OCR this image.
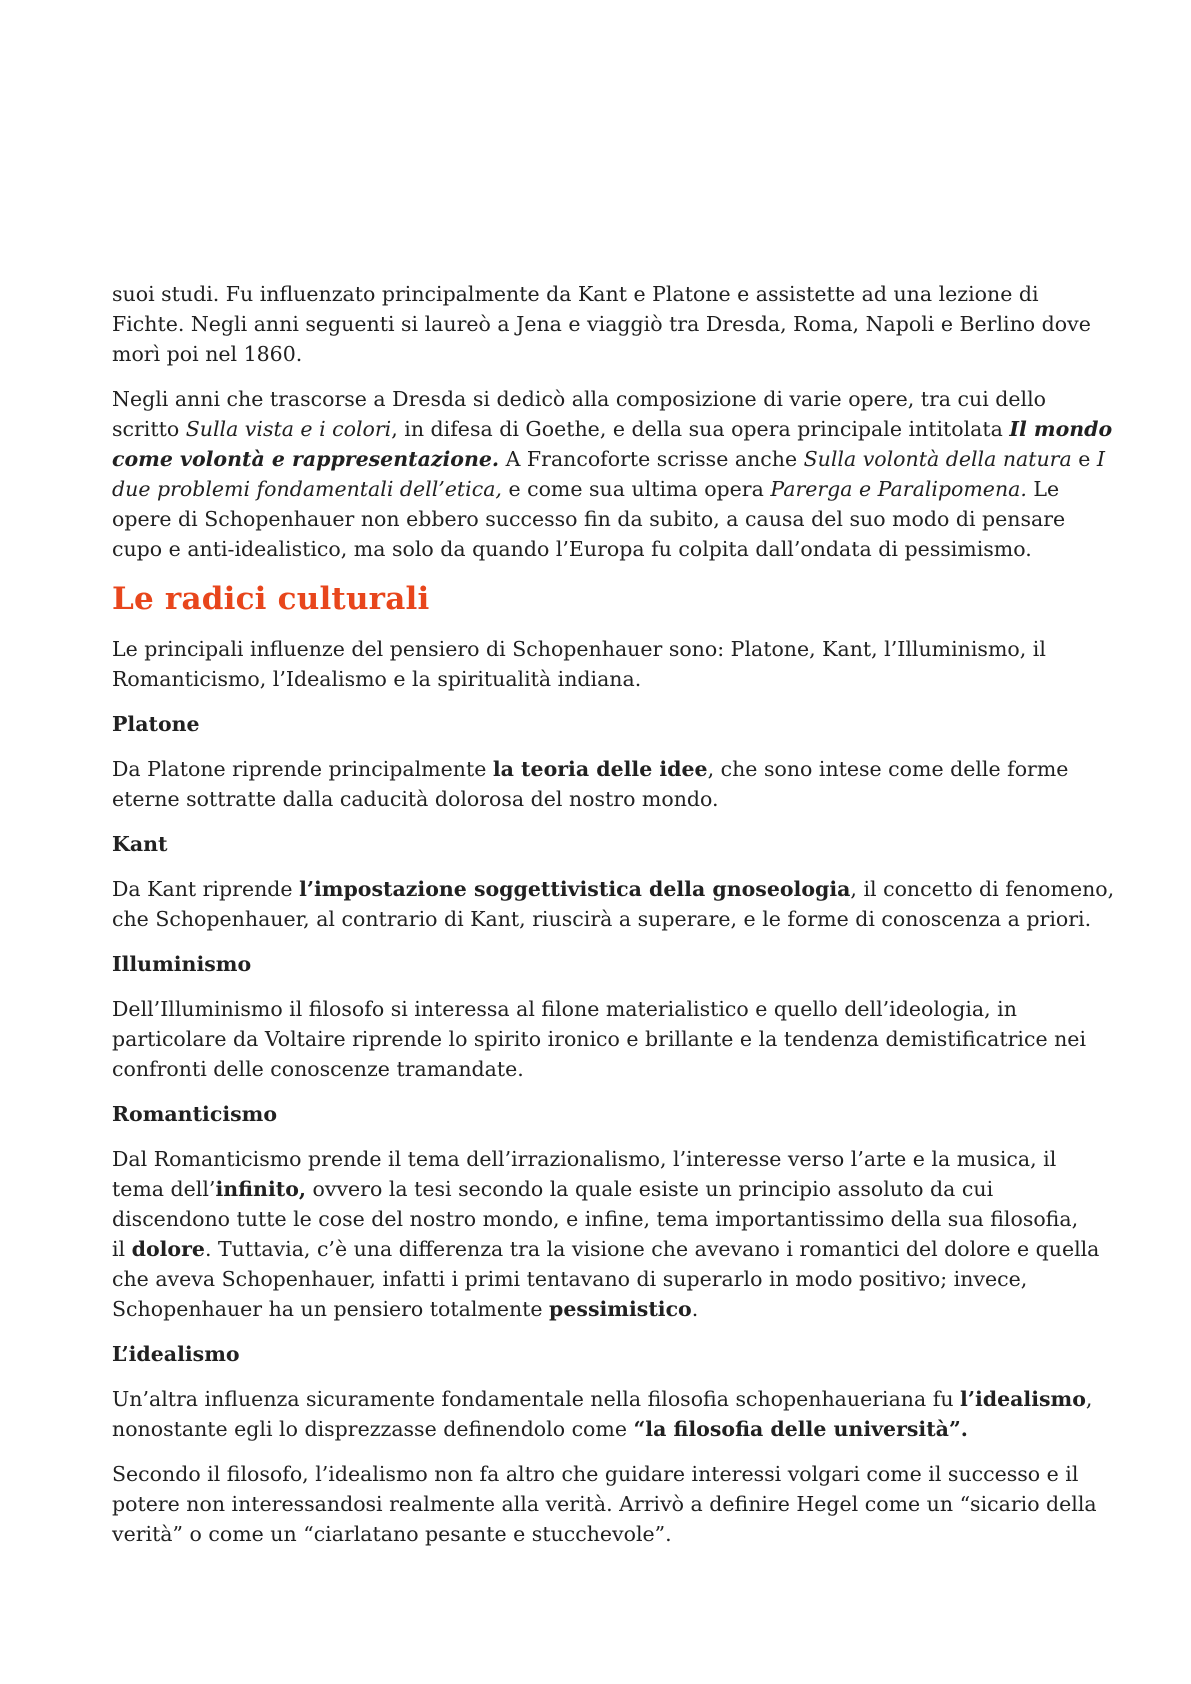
suoi studi. Fu influenzato principalmente da Kant e Platone e assistette ad una lezione di
Fichte. Negli anni seguenti si laureò a Jena e viaggiò tra Dresda, Roma, Napoli e Berlino dove
morì poi nel 1860.

Negli anni che trascorse a Dresda si dedicò alla composizione di varie opere, tra cui dello
scritto Sulla vista e i colori, in difesa di Goethe, e della sua opera principale intitolata Il mondo
come volontà e rappresentazione. A Francoforte scrisse anche Sulla volontà della natura e I
due problemi fondamentali dell’etica, e come sua ultima opera Parerga e Paralipomena. Le
opere di Schopenhauer non ebbero successo fin da subito, a causa del suo modo di pensare
cupo e anti-idealistico, ma solo da quando l’Europa fu colpita dall’ondata di pessimismo.

Le radici culturali

Le principali influenze del pensiero di Schopenhauer sono: Platone, Kant, l’Illuminismo, il
Romanticismo, l’Idealismo e la spiritualità indiana.

Platone

Da Platone riprende principalmente la teoria delle idee, che sono intese come delle forme
eterne sottratte dalla caducità dolorosa del nostro mondo.

Kant

Da Kant riprende l’impostazione soggettivistica della gnoseologia, il concetto di fenomeno,
che Schopenhauer, al contrario di Kant, riuscirà a superare, e le forme di conoscenza a priori.

Illuminismo

Dell’Illuminismo il filosofo si interessa al filone materialistico e quello dell’ideologia, in
particolare da Voltaire riprende lo spirito ironico e brillante e la tendenza demistificatrice nei
confronti delle conoscenze tramandate.

Romanticismo

Dal Romanticismo prende il tema dell’irrazionalismo, l’interesse verso l’arte e la musica, il
tema dell’infinito, ovvero la tesi secondo la quale esiste un principio assoluto da cui
discendono tutte le cose del nostro mondo, e infine, tema importantissimo della sua filosofia,
il dolore. Tuttavia, c’è una differenza tra la visione che avevano i romantici del dolore e quella
che aveva Schopenhauer, infatti i primi tentavano di superarlo in modo positivo; invece,
Schopenhauer ha un pensiero totalmente pessimistico.

L’idealismo

Un’altra influenza sicuramente fondamentale nella filosofia schopenhaueriana fu l’idealismo,
nonostante egli lo disprezzasse definendolo come “la filosofia delle università”.

Secondo il filosofo, l’idealismo non fa altro che guidare interessi volgari come il successo e il
potere non interessandosi realmente alla verità. Arrivò a definire Hegel come un “sicario della
verità” o come un “ciarlatano pesante e stucchevole”.
